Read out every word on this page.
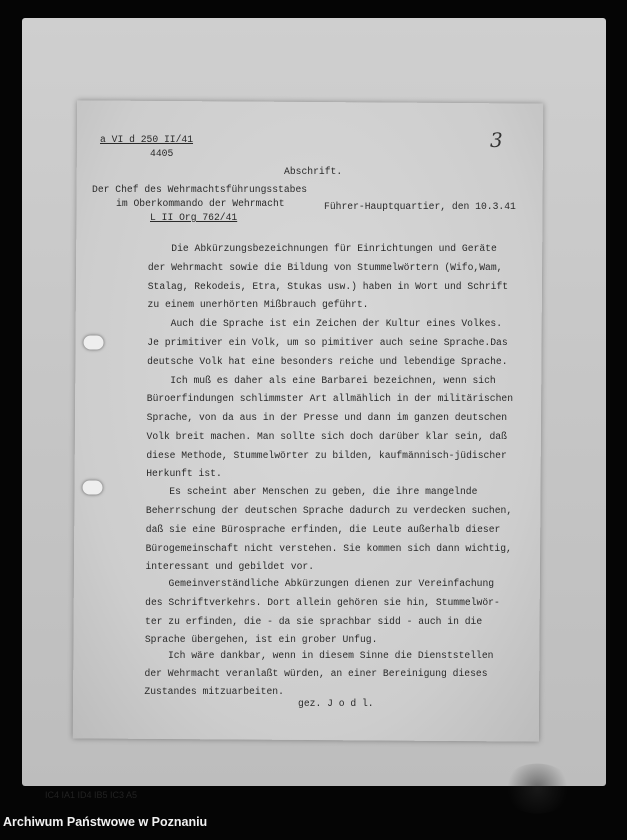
a VI d 250 II/41
4405
3
Abschrift.
Der Chef des Wehrmachtsführungsstabes
im Oberkommando der Wehrmacht
L II Org 762/41
Führer-Hauptquartier, den 10.3.41
Die Abkürzungsbezeichnungen für Einrichtungen und Geräte
der Wehrmacht sowie die Bildung von Stummelwörtern (Wifo,Wam,
Stalag, Rekodeis, Etra, Stukas usw.) haben in Wort und Schrift
zu einem unerhörten Mißbrauch geführt.
Auch die Sprache ist ein Zeichen der Kultur eines Volkes.
Je primitiver ein Volk, um so pimitiver auch seine Sprache.Das
deutsche Volk hat eine besonders reiche und lebendige Sprache.
Ich muß es daher als eine Barbarei bezeichnen, wenn sich
Büroerfindungen schlimmster Art allmählich in der militärischen
Sprache, von da aus in der Presse und dann im ganzen deutschen
Volk breit machen. Man sollte sich doch darüber klar sein, daß
diese Methode, Stummelwörter zu bilden, kaufmännisch-jüdischer
Herkunft ist.
Es scheint aber Menschen zu geben, die ihre mangelnde
Beherrschung der deutschen Sprache dadurch zu verdecken suchen,
daß sie eine Bürosprache erfinden, die Leute außerhalb dieser
Bürogemeinschaft nicht verstehen. Sie kommen sich dann wichtig,
interessant und gebildet vor.
Gemeinverständliche Abkürzungen dienen zur Vereinfachung
des Schriftverkehrs. Dort allein gehören sie hin, Stummelwör-
ter zu erfinden, die - da sie sprachbar sidd - auch in die
Sprache übergehen, ist ein grober Unfug.
Ich wäre dankbar, wenn in diesem Sinne die Dienststellen
der Wehrmacht veranlaßt würden, an einer Bereinigung dieses
Zustandes mitzuarbeiten.
gez. J o d l.
IC4 IA1 ID4 IB5 IC3 A5
Archiwum Państwowe w Poznaniu
